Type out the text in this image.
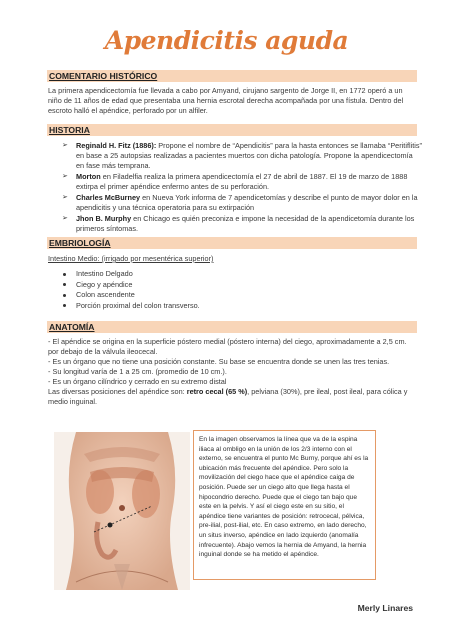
Apendicitis aguda
COMENTARIO HISTÓRICO
La primera apendicectomía fue llevada a cabo por Amyand, cirujano sargento de Jorge II, en 1772 operó a un niño de 11 años de edad que presentaba una hernia escrotal derecha acompañada por una fístula. Dentro del escroto halló el apéndice, perforado por un alfiler.
HISTORIA
➢ Reginald H. Fitz (1886): Propone el nombre de “Apendicitis” para la hasta entonces se llamaba “Peritiflitis” en base a 25 autopsias realizadas a pacientes muertos con dicha patología. Propone la apendicectomía en fase más temprana.
➢ Morton en Filadelfia realiza la primera apendicectomía el 27 de abril de 1887. El 19 de marzo de 1888 extirpa el primer apéndice enfermo antes de su perforación.
➢ Charles McBurney en Nueva York informa de 7 apendicetomías y describe el punto de mayor dolor en la apendicitis y una técnica operatoria para su extirpación
➢ Jhon B. Murphy en Chicago es quién preconiza e impone la necesidad de la apendicetomía durante los primeros síntomas.
EMBRIOLOGÍA
Intestino Medio: (irrigado por mesentérica superior)
Intestino Delgado
Ciego y apéndice
Colon ascendente
Porción proximal del colon transverso.
ANATOMÍA
- El apéndice se origina en la superficie póstero medial (póstero interna) del ciego, aproximadamente a 2,5 cm. por debajo de la válvula ileocecal.
- Es un órgano que no tiene una posición constante. Su base se encuentra donde se unen las tres tenias.
- Su longitud varía de 1 a 25 cm. (promedio de 10 cm.).
- Es un órgano cilíndrico y cerrado en su extremo distal
Las diversas posiciones del apéndice son: retro cecal (65 %), pelviana (30%), pre ileal, post ileal, para cólica y medio inguinal.
En la imagen observamos la línea que va de la espina iliaca al ombligo en la unión de los 2/3 interno con el externo, se encuentra el punto Mc Burny, porque ahí es la ubicación más frecuente del apéndice. Pero solo la movilización del ciego hace que el apéndice caiga de posición. Puede ser un ciego alto que llega hasta el hipocondrio derecho. Puede que el ciego tan bajo que este en la pelvis. Y así el ciego este en su sitio, el apéndice tiene variantes de posición: retrocecal, pélvica, pre-ilial, post-ilial, etc. En caso extremo, en lado derecho, un situs inverso, apéndice en lado izquierdo (anomalía infrecuente). Abajo vemos la hernia de Amyand, la hernia inguinal donde se ha metido el apéndice.
Merly Linares
